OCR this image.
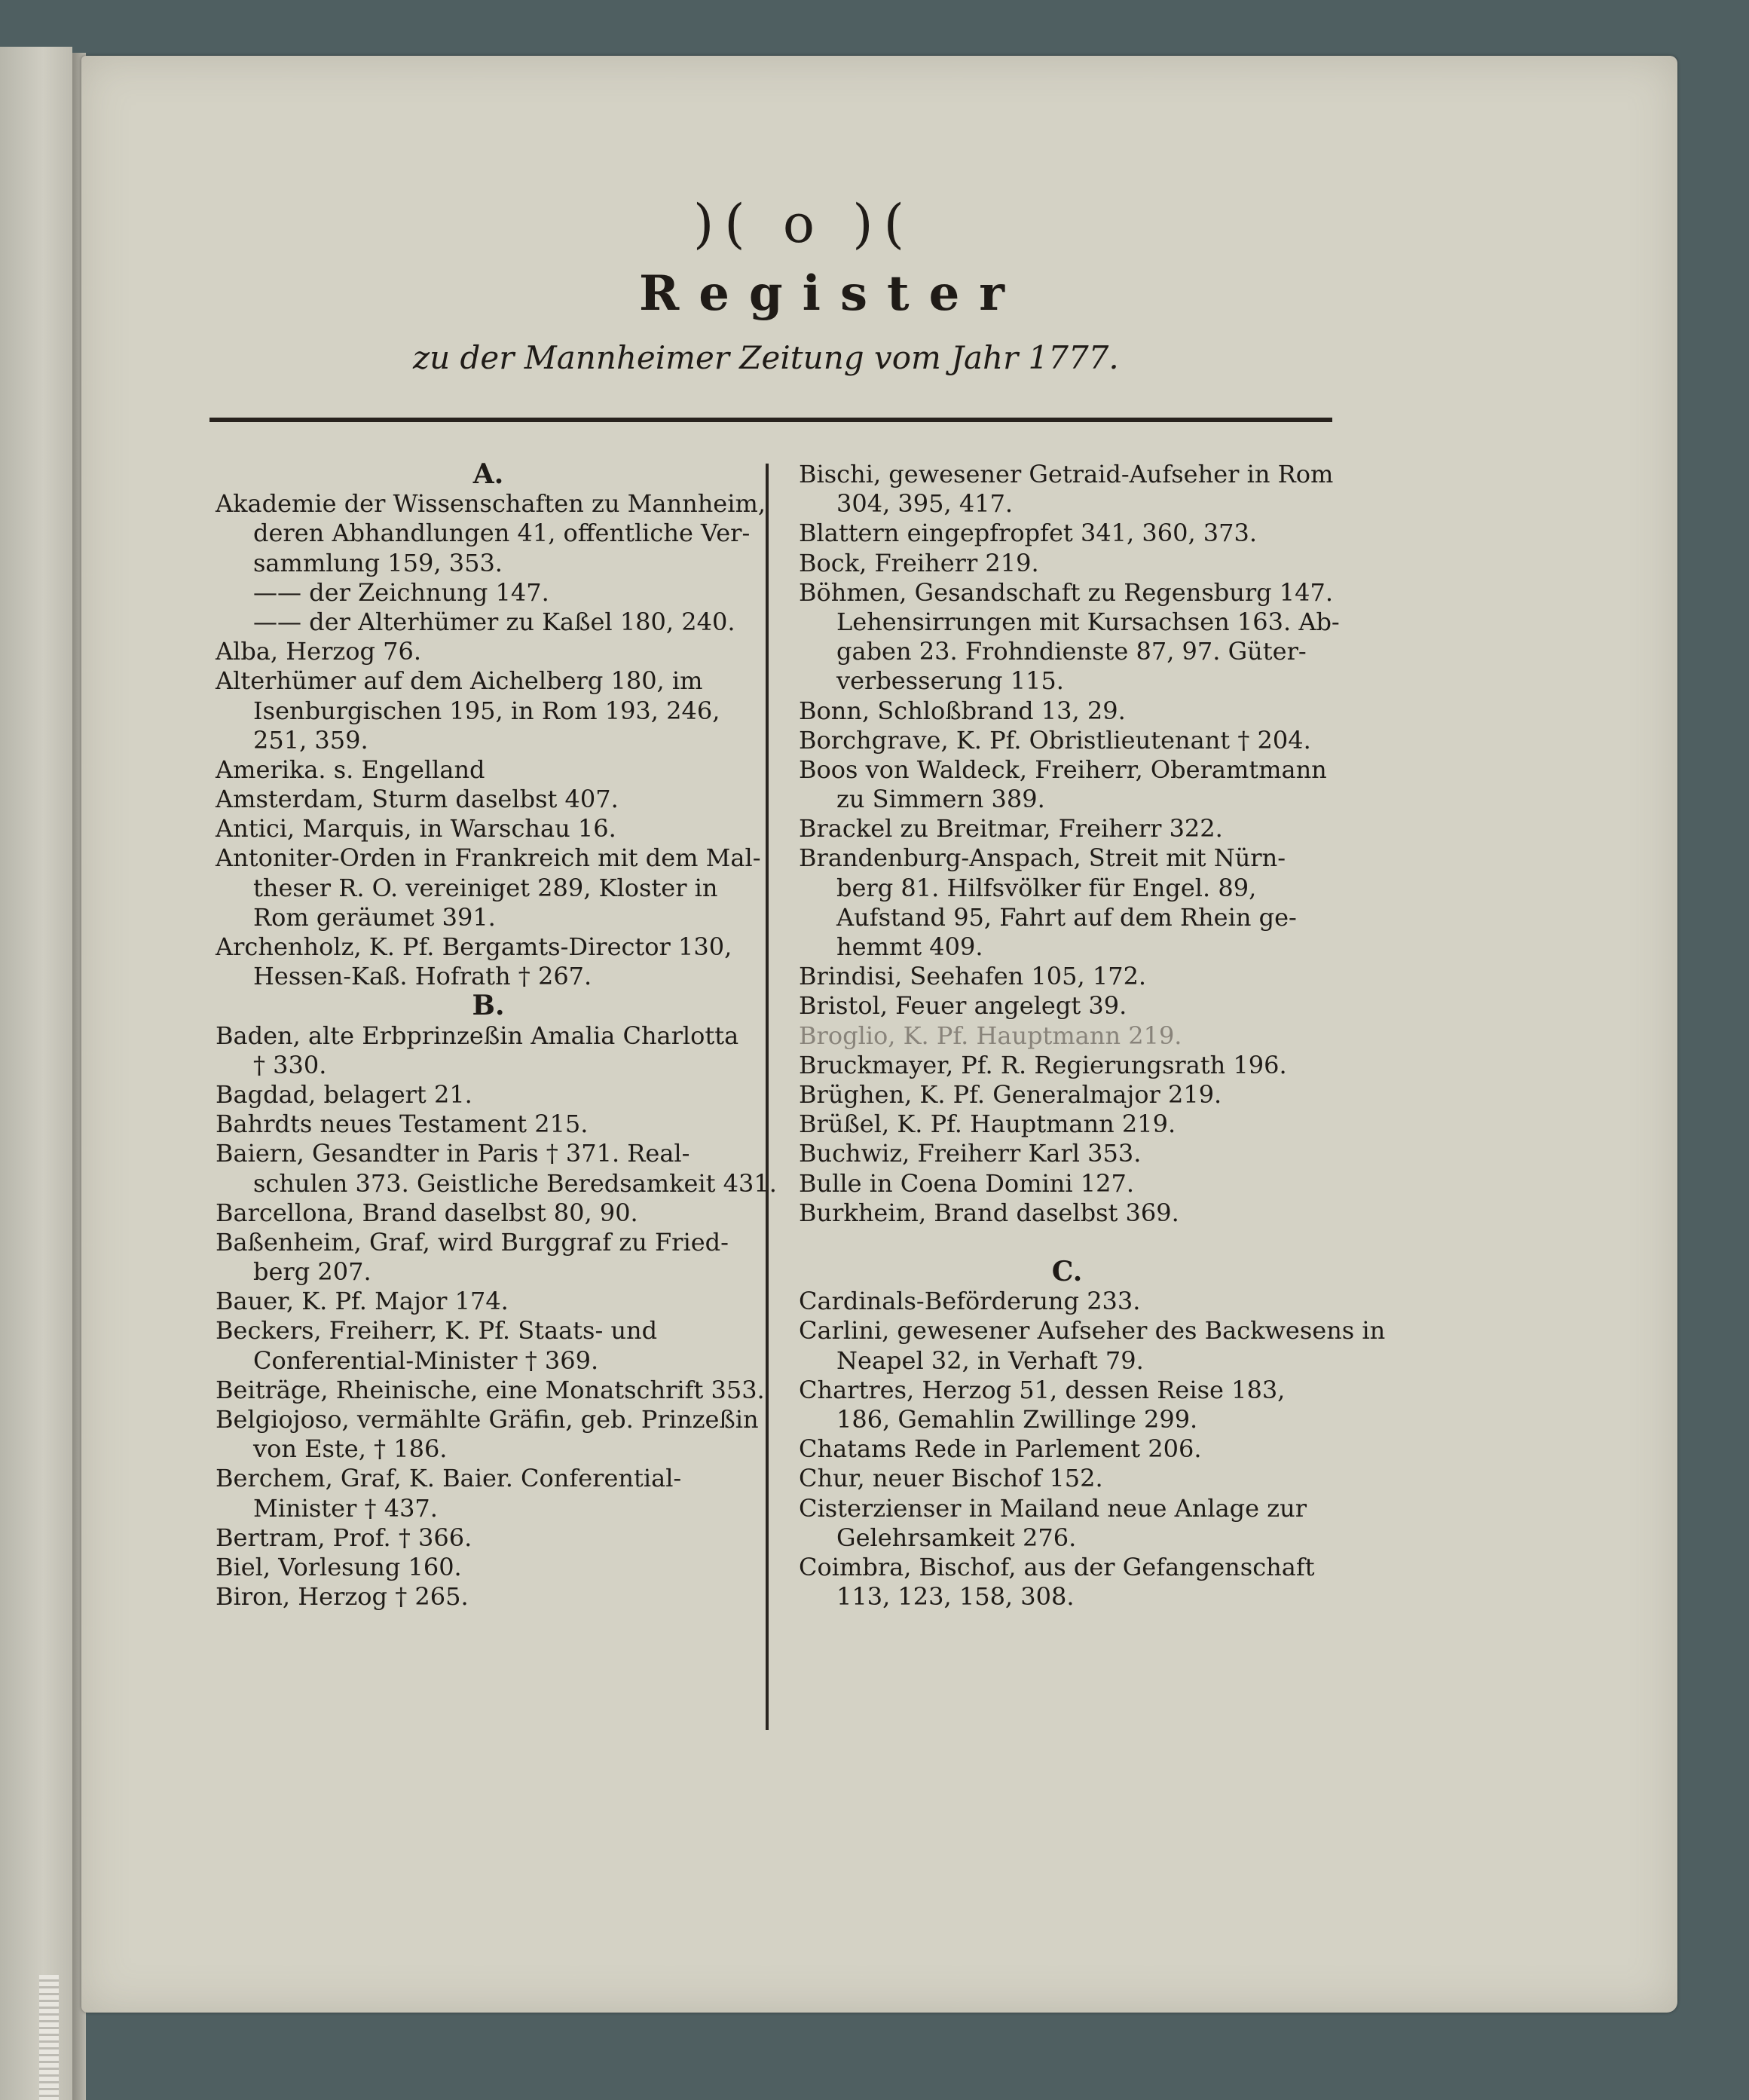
)( o )(
Register
zu der Mannheimer Zeitung vom Jahr 1777.
A.
Akademie der Wissenschaften zu Mannheim,
deren Abhandlungen 41, offentliche Ver-
sammlung 159, 353.
—— der Zeichnung 147.
—— der Alterhümer zu Kaßel 180, 240.
Alba, Herzog 76.
Alterhümer auf dem Aichelberg 180, im
Isenburgischen 195, in Rom 193, 246,
251, 359.
Amerika. s. Engelland
Amsterdam, Sturm daselbst 407.
Antici, Marquis, in Warschau 16.
Antoniter-Orden in Frankreich mit dem Mal-
theser R. O. vereiniget 289, Kloster in
Rom geräumet 391.
Archenholz, K. Pf. Bergamts-Director 130,
Hessen-Kaß. Hofrath † 267.
B.
Baden, alte Erbprinzeßin Amalia Charlotta
† 330.
Bagdad, belagert 21.
Bahrdts neues Testament 215.
Baiern, Gesandter in Paris † 371. Real-
schulen 373. Geistliche Beredsamkeit 431.
Barcellona, Brand daselbst 80, 90.
Baßenheim, Graf, wird Burggraf zu Fried-
berg 207.
Bauer, K. Pf. Major 174.
Beckers, Freiherr, K. Pf. Staats- und
Conferential-Minister † 369.
Beiträge, Rheinische, eine Monatschrift 353.
Belgiojoso, vermählte Gräfin, geb. Prinzeßin
von Este, † 186.
Berchem, Graf, K. Baier. Conferential-
Minister † 437.
Bertram, Prof. † 366.
Biel, Vorlesung 160.
Biron, Herzog † 265.
Bischi, gewesener Getraid-Aufseher in Rom
304, 395, 417.
Blattern eingepfropfet 341, 360, 373.
Bock, Freiherr 219.
Böhmen, Gesandschaft zu Regensburg 147.
Lehensirrungen mit Kursachsen 163. Ab-
gaben 23. Frohndienste 87, 97. Güter-
verbesserung 115.
Bonn, Schloßbrand 13, 29.
Borchgrave, K. Pf. Obristlieutenant † 204.
Boos von Waldeck, Freiherr, Oberamtmann
zu Simmern 389.
Brackel zu Breitmar, Freiherr 322.
Brandenburg-Anspach, Streit mit Nürn-
berg 81. Hilfsvölker für Engel. 89,
Aufstand 95, Fahrt auf dem Rhein ge-
hemmt 409.
Brindisi, Seehafen 105, 172.
Bristol, Feuer angelegt 39.
Broglio, K. Pf. Hauptmann 219.
Bruckmayer, Pf. R. Regierungsrath 196.
Brüghen, K. Pf. Generalmajor 219.
Brüßel, K. Pf. Hauptmann 219.
Buchwiz, Freiherr Karl 353.
Bulle in Coena Domini 127.
Burkheim, Brand daselbst 369.
C.
Cardinals-Beförderung 233.
Carlini, gewesener Aufseher des Backwesens in
Neapel 32, in Verhaft 79.
Chartres, Herzog 51, dessen Reise 183,
186, Gemahlin Zwillinge 299.
Chatams Rede in Parlement 206.
Chur, neuer Bischof 152.
Cisterzienser in Mailand neue Anlage zur
Gelehrsamkeit 276.
Coimbra, Bischof, aus der Gefangenschaft
113, 123, 158, 308.
